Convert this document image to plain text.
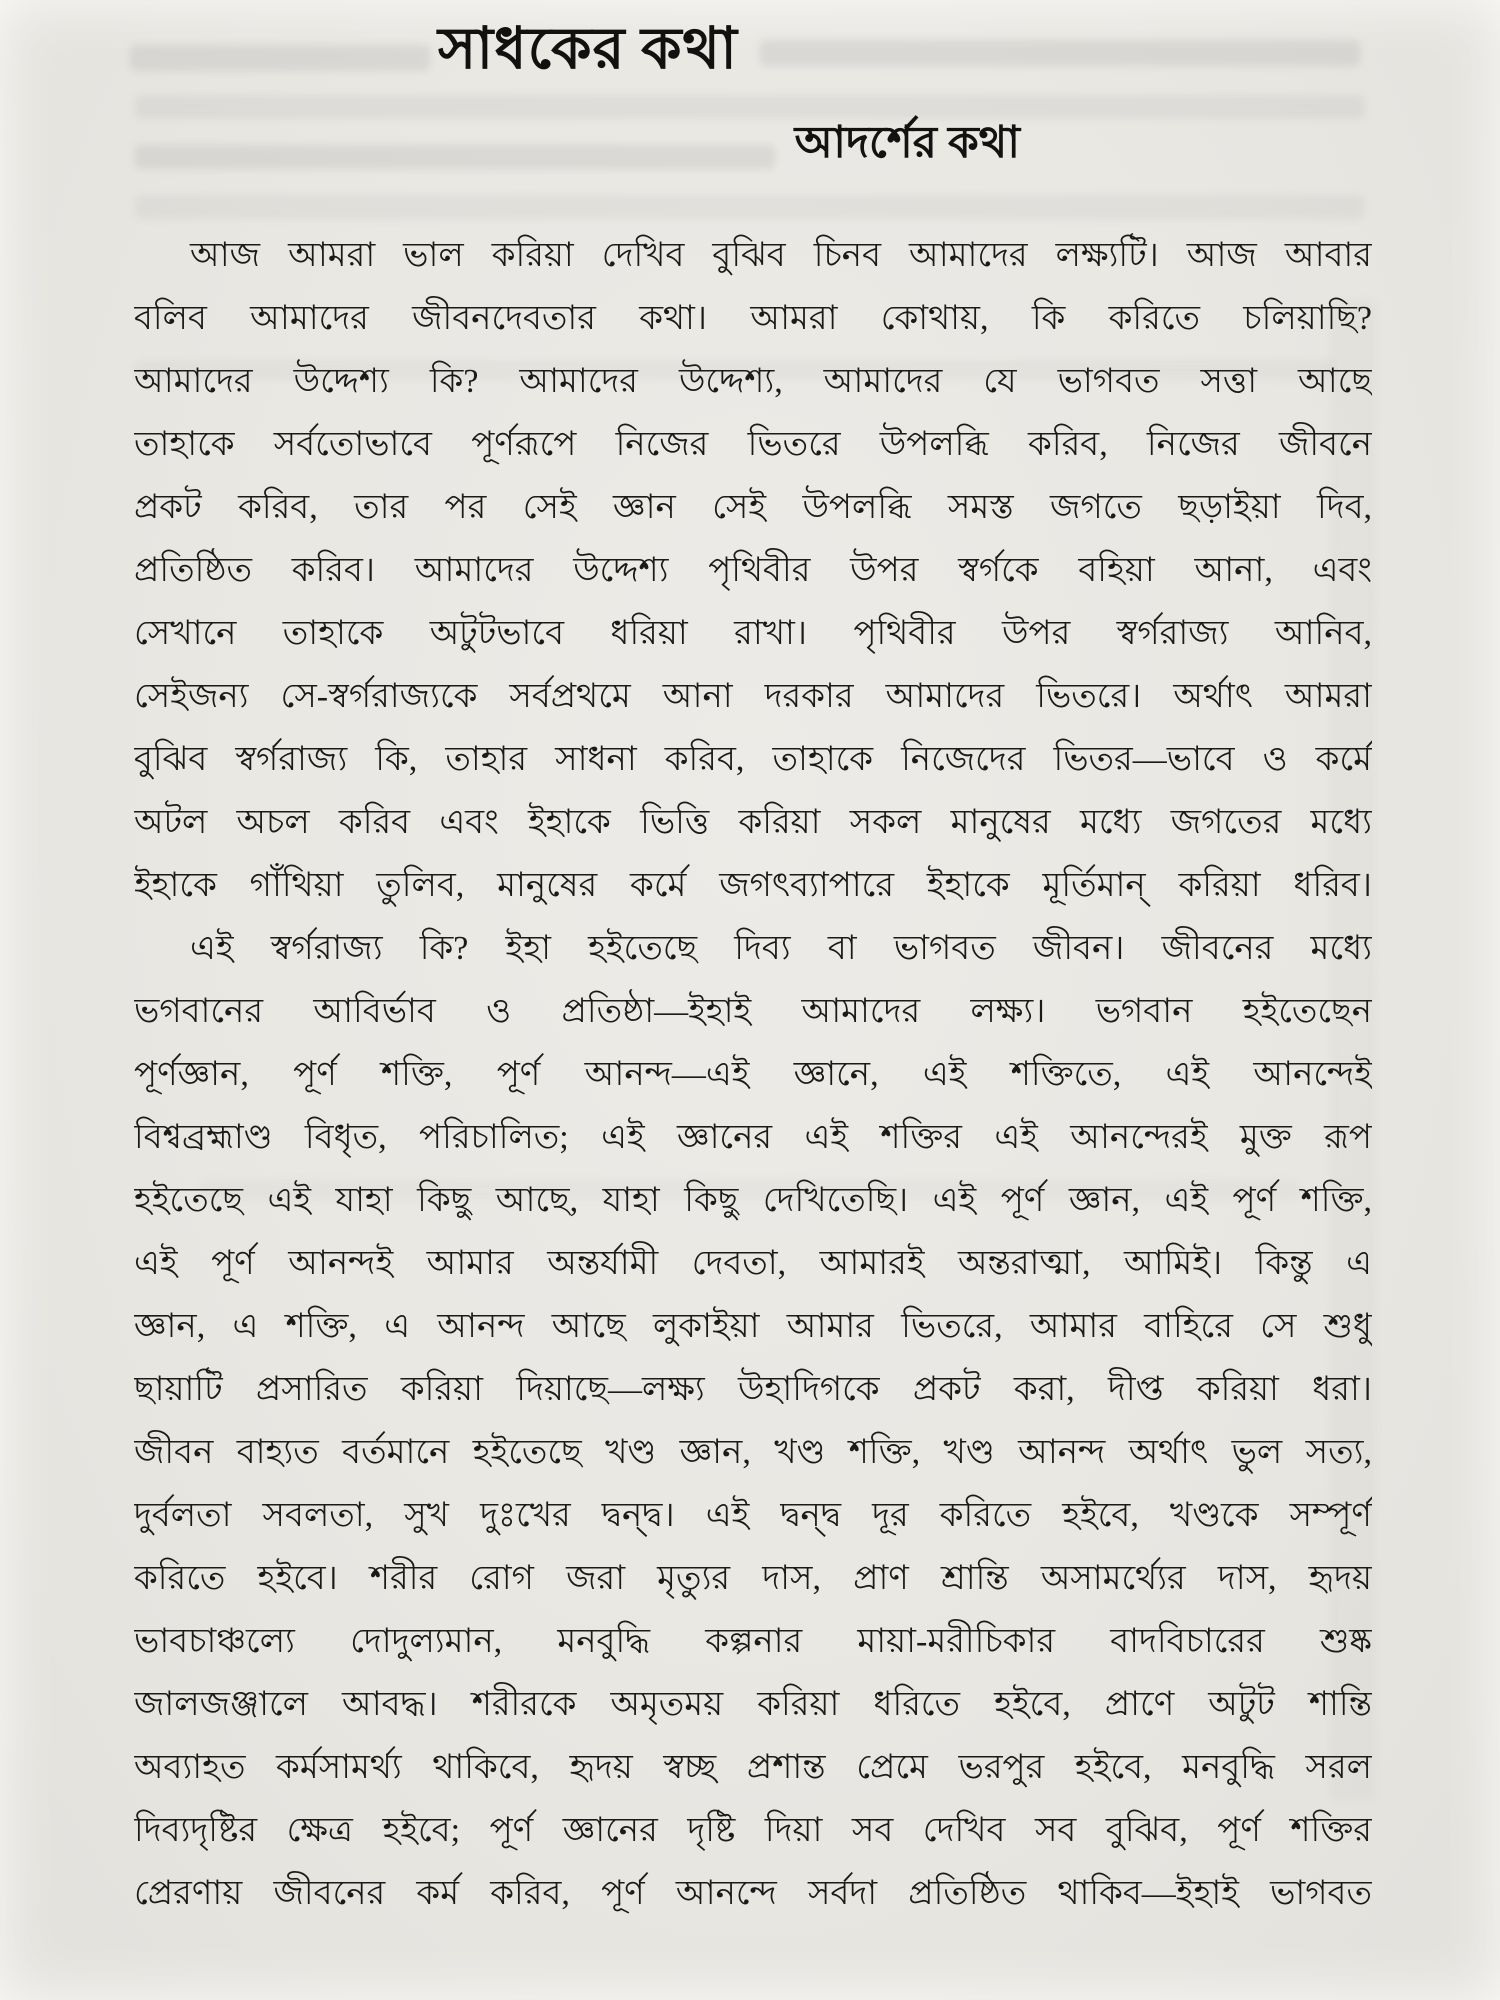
সাধকের কথা
আদর্শের কথা
আজ আমরা ভাল করিয়া দেখিব বুঝিব চিনব আমাদের লক্ষ্যটি। আজ আবার
বলিব আমাদের জীবনদেবতার কথা। আমরা কোথায়, কি করিতে চলিয়াছি?
আমাদের উদ্দেশ্য কি? আমাদের উদ্দেশ্য, আমাদের যে ভাগবত সত্তা আছে
তাহাকে সর্বতোভাবে পূর্ণরূপে নিজের ভিতরে উপলব্ধি করিব, নিজের জীবনে
প্রকট করিব, তার পর সেই জ্ঞান সেই উপলব্ধি সমস্ত জগতে ছড়াইয়া দিব,
প্রতিষ্ঠিত করিব। আমাদের উদ্দেশ্য পৃথিবীর উপর স্বর্গকে বহিয়া আনা, এবং
সেখানে তাহাকে অটুটভাবে ধরিয়া রাখা। পৃথিবীর উপর স্বর্গরাজ্য আনিব,
সেইজন্য সে-স্বর্গরাজ্যকে সর্বপ্রথমে আনা দরকার আমাদের ভিতরে। অর্থাৎ আমরা
বুঝিব স্বর্গরাজ্য কি, তাহার সাধনা করিব, তাহাকে নিজেদের ভিতর—ভাবে ও কর্মে
অটল অচল করিব এবং ইহাকে ভিত্তি করিয়া সকল মানুষের মধ্যে জগতের মধ্যে
ইহাকে গাঁথিয়া তুলিব, মানুষের কর্মে জগৎব্যাপারে ইহাকে মূর্তিমান্ করিয়া ধরিব।
এই স্বর্গরাজ্য কি? ইহা হইতেছে দিব্য বা ভাগবত জীবন। জীবনের মধ্যে
ভগবানের আবির্ভাব ও প্রতিষ্ঠা—ইহাই আমাদের লক্ষ্য। ভগবান হইতেছেন
পূর্ণজ্ঞান, পূর্ণ শক্তি, পূর্ণ আনন্দ—এই জ্ঞানে, এই শক্তিতে, এই আনন্দেই
বিশ্বব্রহ্মাণ্ড বিধৃত, পরিচালিত; এই জ্ঞানের এই শক্তির এই আনন্দেরই মুক্ত রূপ
হইতেছে এই যাহা কিছু আছে, যাহা কিছু দেখিতেছি। এই পূর্ণ জ্ঞান, এই পূর্ণ শক্তি,
এই পূর্ণ আনন্দই আমার অন্তর্যামী দেবতা, আমারই অন্তরাত্মা, আমিই। কিন্তু এ
জ্ঞান, এ শক্তি, এ আনন্দ আছে লুকাইয়া আমার ভিতরে, আমার বাহিরে সে শুধু
ছায়াটি প্রসারিত করিয়া দিয়াছে—লক্ষ্য উহাদিগকে প্রকট করা, দীপ্ত করিয়া ধরা।
জীবন বাহ্যত বর্তমানে হইতেছে খণ্ড জ্ঞান, খণ্ড শক্তি, খণ্ড আনন্দ অর্থাৎ ভুল সত্য,
দুর্বলতা সবলতা, সুখ দুঃখের দ্বন্দ্ব। এই দ্বন্দ্ব দূর করিতে হইবে, খণ্ডকে সম্পূর্ণ
করিতে হইবে। শরীর রোগ জরা মৃত্যুর দাস, প্রাণ শ্রান্তি অসামর্থ্যের দাস, হৃদয়
ভাবচাঞ্চল্যে দোদুল্যমান, মনবুদ্ধি কল্পনার মায়া-মরীচিকার বাদবিচারের শুষ্ক
জালজঞ্জালে আবদ্ধ। শরীরকে অমৃতময় করিয়া ধরিতে হইবে, প্রাণে অটুট শান্তি
অব্যাহত কর্মসামর্থ্য থাকিবে, হৃদয় স্বচ্ছ প্রশান্ত প্রেমে ভরপুর হইবে, মনবুদ্ধি সরল
দিব্যদৃষ্টির ক্ষেত্র হইবে; পূর্ণ জ্ঞানের দৃষ্টি দিয়া সব দেখিব সব বুঝিব, পূর্ণ শক্তির
প্রেরণায় জীবনের কর্ম করিব, পূর্ণ আনন্দে সর্বদা প্রতিষ্ঠিত থাকিব—ইহাই ভাগবত
